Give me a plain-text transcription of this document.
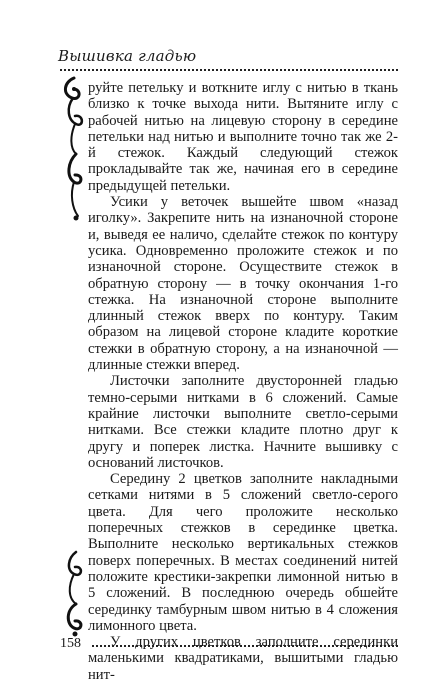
Вышивка гладью

руйте петельку и воткните иглу с нитью в ткань близко к точке выхода нити. Вытяните иглу с рабочей нитью на лицевую сторону в середине петельки над нитью и выполните точно так же 2-й стежок. Каждый следующий стежок прокладывайте так же, начиная его в середине предыдущей петельки.

Усики у веточек вышейте швом «назад иголку». Закрепите нить на изнаночной стороне и, выведя ее наличо, сделайте стежок по контуру усика. Одновременно проложите стежок и по изнаночной стороне. Осуществите стежок в обратную сторону — в точку окончания 1-го стежка. На изнаночной стороне выполните длинный стежок вверх по контуру. Таким образом на лицевой стороне кладите короткие стежки в обратную сторону, а на изнаночной — длинные стежки вперед.

Листочки заполните двусторонней гладью темно-серыми нитками в 6 сложений. Самые крайние листочки выполните светло-серыми нитками. Все стежки кладите плотно друг к другу и поперек листка. Начните вышивку с оснований листочков.

Середину 2 цветков заполните накладными сетками нитями в 5 сложений светло-серого цвета. Для чего проложите несколько поперечных стежков в серединке цветка. Выполните несколько вертикальных стежков поверх поперечных. В местах соединений нитей положите крестики-закрепки лимонной нитью в 5 сложений. В последнюю очередь обшейте серединку тамбурным швом нитью в 4 сложения лимонного цвета.

У других цветков заполните серединки маленькими квадратиками, вышитыми гладью нит-

158
